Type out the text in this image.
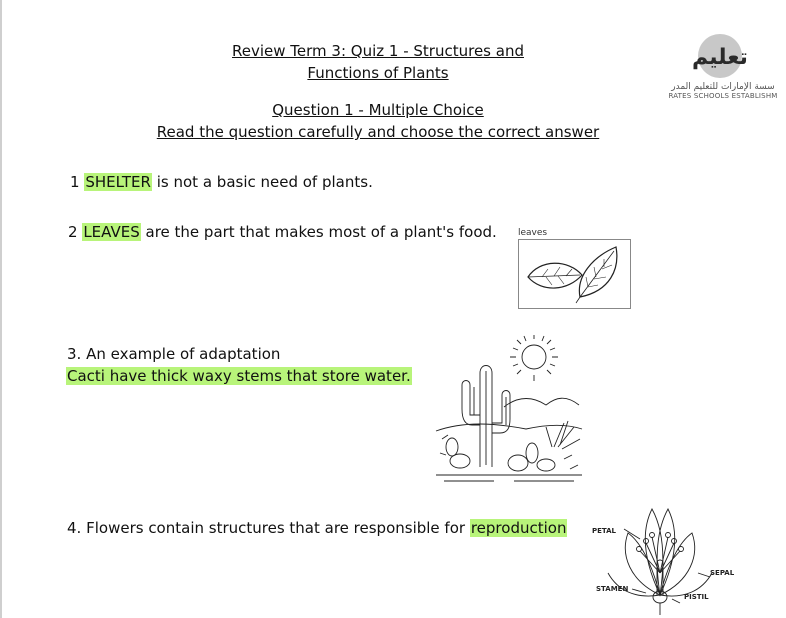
Review Term 3: Quiz 1 - Structures and
Functions of Plants
Question 1 - Multiple Choice
Read the question carefully and choose the correct answer
تعليم
سسة الإمارات للتعليم المدر
RATES SCHOOLS ESTABLISHM
1 SHELTER is not a basic need of plants.
2 LEAVES are the part that makes most of a plant's food. leaves
3. An example of adaptation
Cacti have thick waxy stems that store water.
4. Flowers contain structures that are responsible for reproduction	PETAL
SEPAL
STAMEN
PISTIL
